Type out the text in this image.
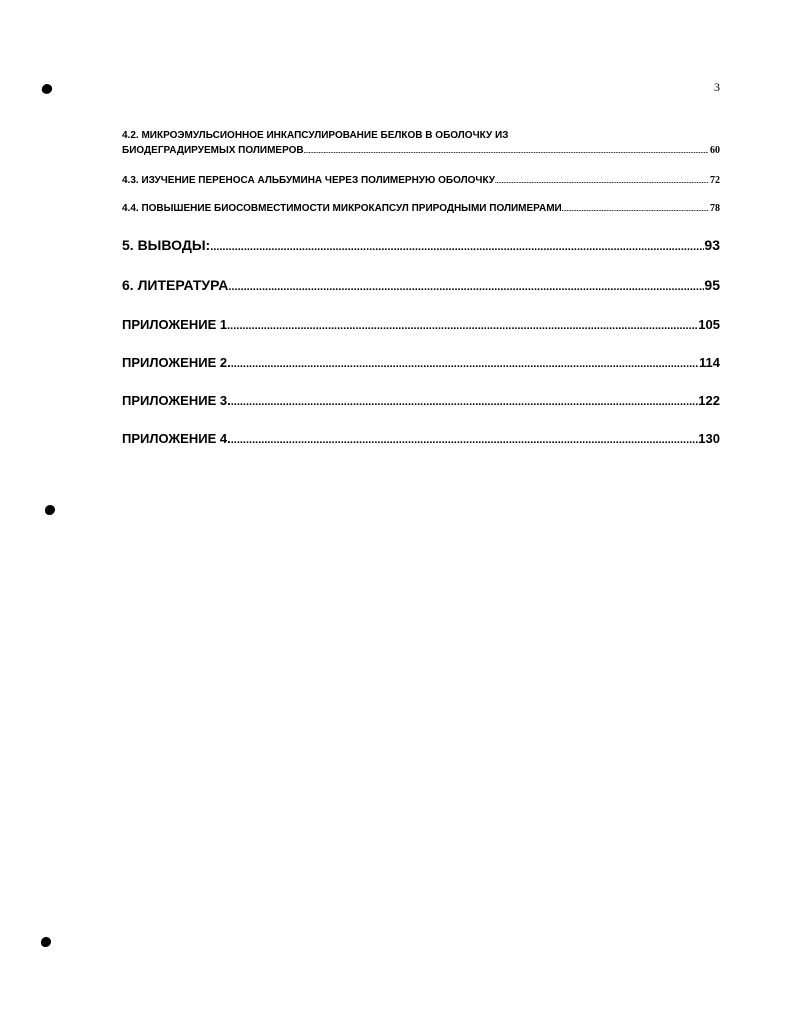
3
4.2. МИКРОЭМУЛЬСИОННОЕ ИНКАПСУЛИРОВАНИЕ БЕЛКОВ В ОБОЛОЧКУ ИЗ
БИОДЕГРАДИРУЕМЫХ ПОЛИМЕРОВ .....	60
4.3. ИЗУЧЕНИЕ ПЕРЕНОСА АЛЬБУМИНА ЧЕРЕЗ ПОЛИМЕРНУЮ ОБОЛОЧКУ .....	72
4.4. ПОВЫШЕНИЕ БИОСОВМЕСТИМОСТИ МИКРОКАПСУЛ ПРИРОДНЫМИ ПОЛИМЕРАМИ .....	78
5. ВЫВОДЫ: .....	93
6. ЛИТЕРАТУРА .....	95
ПРИЛОЖЕНИЕ 1 .....	105
ПРИЛОЖЕНИЕ 2. .....	114
ПРИЛОЖЕНИЕ 3. .....	122
ПРИЛОЖЕНИЕ 4. .....	130
